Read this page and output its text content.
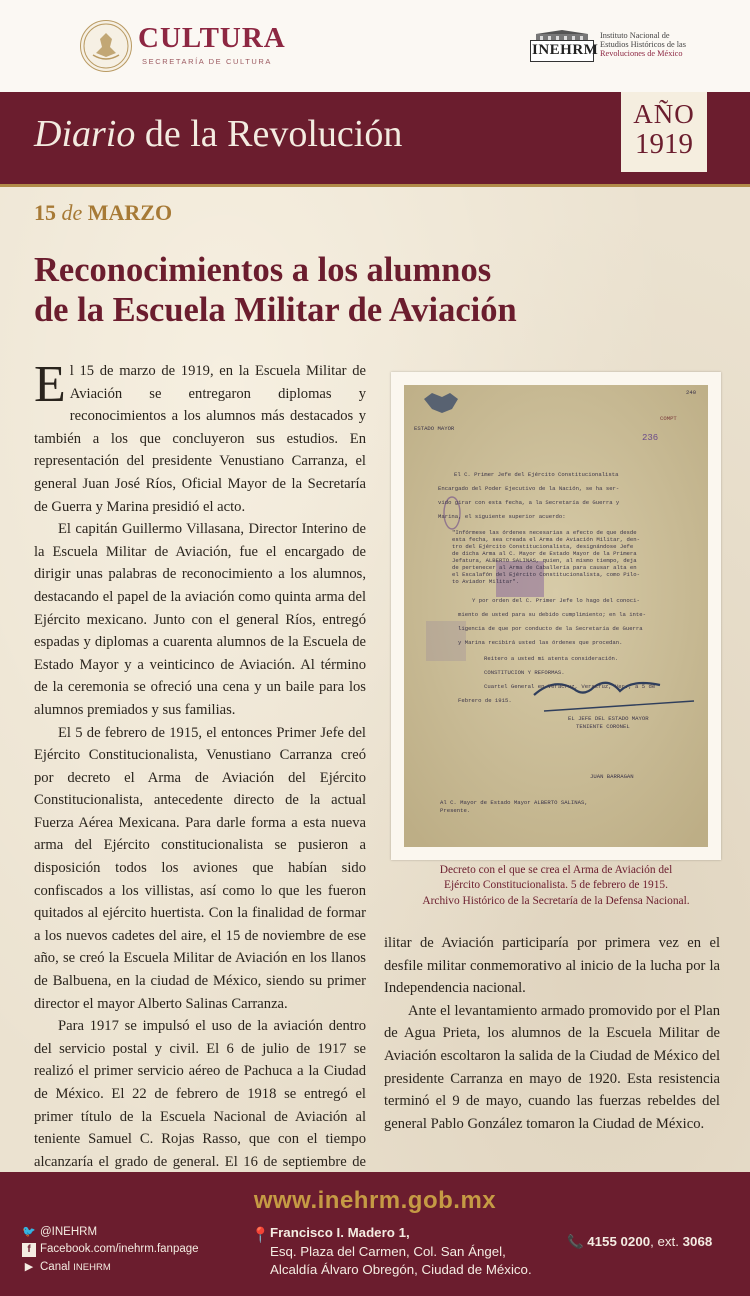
CULTURA
SECRETARÍA DE CULTURA
INEHRM
Instituto Nacional de
Estudios Históricos de las
Revoluciones de México
Diario de la Revolución	AÑO
1919
15 de MARZO
Reconocimientos a los alumnos
de la Escuela Militar de Aviación

El 15 de marzo de 1919, en la Escuela Militar de Aviación se entregaron diplomas y reconocimientos a los alumnos más destacados y también a los que concluyeron sus estudios. En representación del presidente Venustiano Carranza, el general Juan José Ríos, Oficial Mayor de la Secretaría de Guerra y Marina presidió el acto.

El capitán Guillermo Villasana, Director Interino de la Escuela Militar de Aviación, fue el encargado de dirigir unas palabras de reconocimiento a los alumnos, destacando el papel de la aviación como quinta arma del Ejército mexicano. Junto con el general Ríos, entregó espadas y diplomas a cuarenta alumnos de la Escuela de Estado Mayor y a veinticinco de Aviación. Al término de la ceremonia se ofreció una cena y un baile para los alumnos premiados y sus familias.

El 5 de febrero de 1915, el entonces Primer Jefe del Ejército Constitucionalista, Venustiano Carranza creó por decreto el Arma de Aviación del Ejército Constitucionalista, antecedente directo de la actual Fuerza Aérea Mexicana. Para darle forma a esta nueva arma del Ejército constitucionalista se pusieron a disposición todos los aviones que habían sido confiscados a los villistas, así como lo que les fueron quitados al ejército huertista. Con la finalidad de formar a los nuevos cadetes del aire, el 15 de noviembre de ese año, se creó la Escuela Militar de Aviación en los llanos de Balbuena, en la ciudad de México, siendo su primer director el mayor Alberto Salinas Carranza.

Para 1917 se impulsó el uso de la aviación dentro del servicio postal y civil. El 6 de julio de 1917 se realizó el primer servicio aéreo de Pachuca a la Ciudad de México. El 22 de febrero de 1918 se entregó el primer título de la Escuela Nacional de Aviación al teniente Samuel C. Rojas Rasso, que con el tiempo alcanzaría el grado de general. El 16 de septiembre de

240
COMPT
236
ESTADO MAYOR
El C. Primer Jefe del Ejército Constitucionalista
Encargado del Poder Ejecutivo de la Nación, se ha ser-
vido girar con esta fecha, a la Secretaría de Guerra y
Marina, el siguiente superior acuerdo:
"Infórmese las órdenes necesarias a efecto de que desde
esta fecha, sea creada el Arma de Aviación Militar, den-
tro del Ejército Constitucionalista, designándose Jefe
de dicha Arma al C. Mayor de Estado Mayor de la Primera
Jefatura, ALBERTO SALINAS, quien, al mismo tiempo, deja
de pertenecer al Arma de Caballería para causar alta en
el Escalafón del Ejército Constitucionalista, como Pilo-
to Aviador Militar".
Y por orden del C. Primer Jefe lo hago del conoci-
miento de usted para su debido cumplimiento; en la inte-
ligencia de que por conducto de la Secretaría de Guerra
y Marina recibirá usted las órdenes que procedan.
Reitero a usted mi atenta consideración.
CONSTITUCION Y REFORMAS.
Cuartel General en Veracruz, Veracruz, Ver., a 5 de
Febrero de 1915.
EL JEFE DEL ESTADO MAYOR
TENIENTE CORONEL
JUAN BARRAGAN
Al C. Mayor de Estado Mayor ALBERTO SALINAS,
Presente.
Decreto con el que se crea el Arma de Aviación del
Ejército Constitucionalista. 5 de febrero de 1915.
Archivo Histórico de la Secretaría de la Defensa Nacional.

ilitar de Aviación participaría por primera vez en el desfile militar conmemorativo al inicio de la lucha por la Independencia nacional.

Ante el levantamiento armado promovido por el Plan de Agua Prieta, los alumnos de la Escuela Militar de Aviación escoltaron la salida de la Ciudad de México del presidente Carranza en mayo de 1920. Esta resistencia terminó el 9 de mayo, cuando las fuerzas rebeldes del general Pablo González tomaron la Ciudad de México.

www.inehrm.gob.mx
🐦 @INEHRM
f Facebook.com/inehrm.fanpage
▶ Canal INEHRM
📍 Francisco I. Madero 1,
Esq. Plaza del Carmen, Col. San Ángel,
Alcaldía Álvaro Obregón, Ciudad de México.
📞 4155 0200, ext. 3068
